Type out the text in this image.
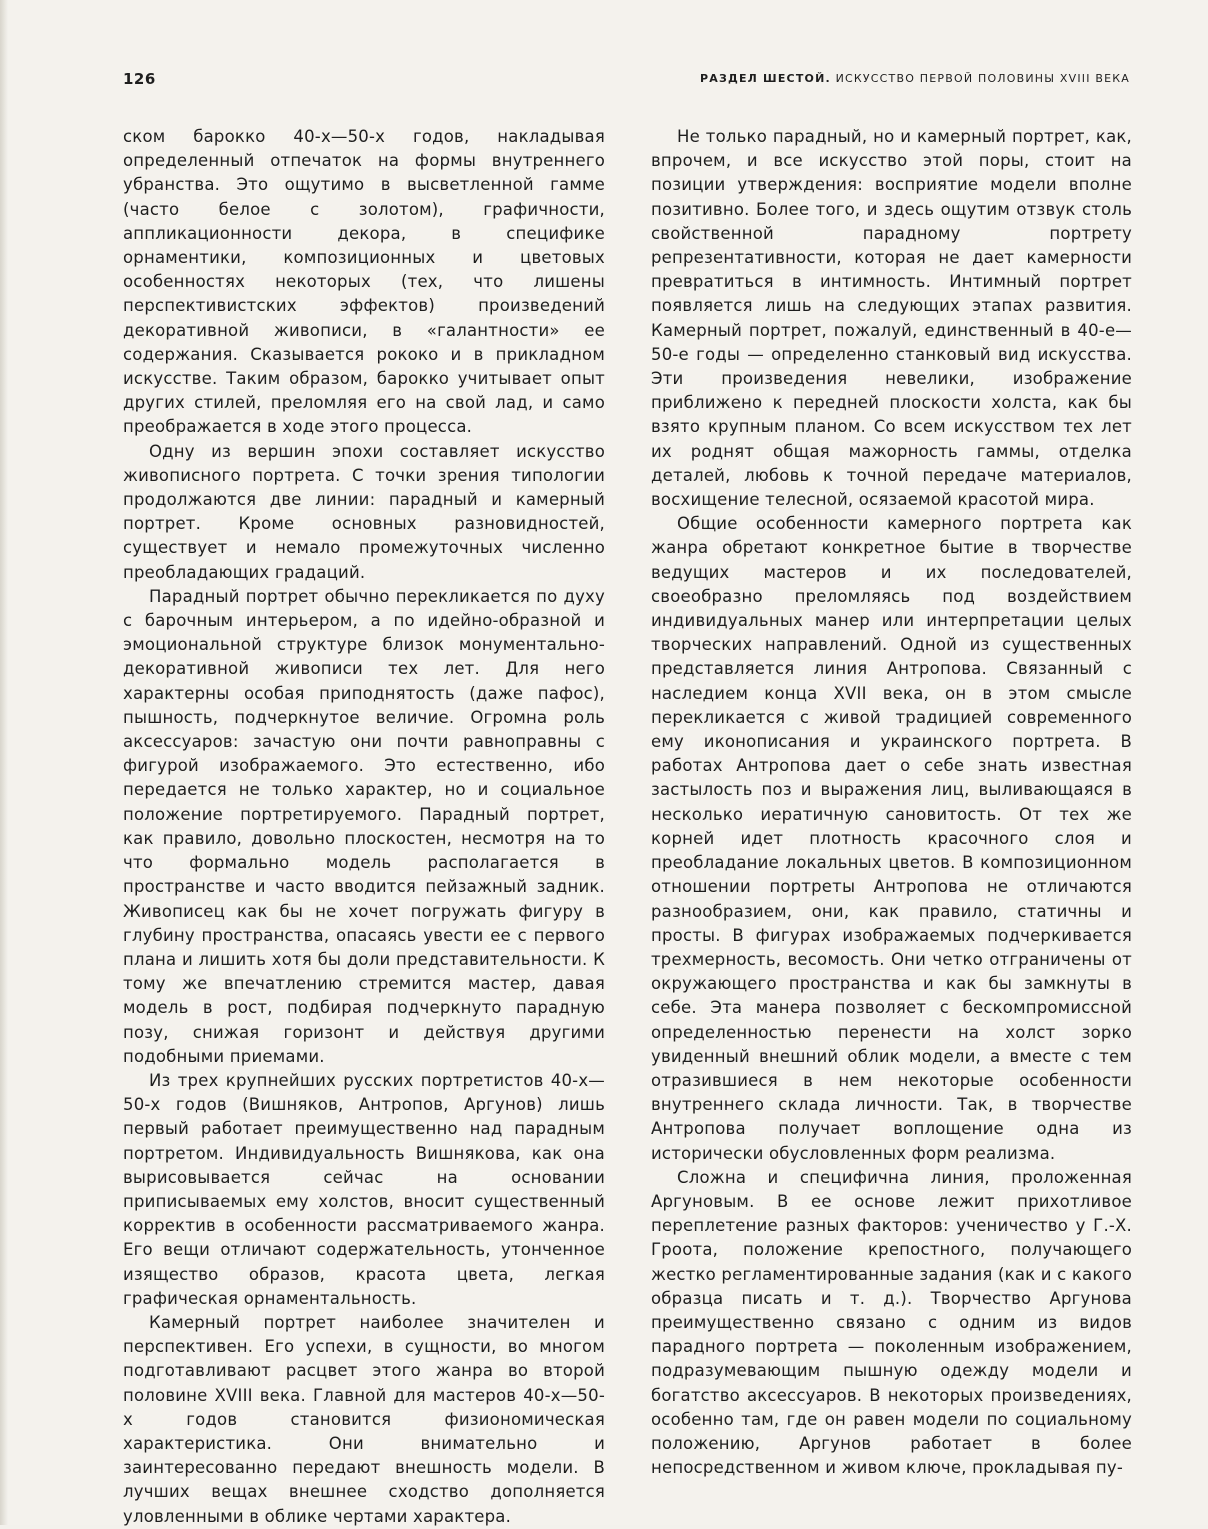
126	РАЗДЕЛ ШЕСТОЙ. ИСКУССТВО ПЕРВОЙ ПОЛОВИНЫ XVIII ВЕКА

ском барокко 40-х—50-х годов, накладывая определенный отпечаток на формы внутреннего убранства. Это ощутимо в высветленной гамме (часто белое с золотом), графичности, аппликационности декора, в специфике орнаментики, композиционных и цветовых особенностях некоторых (тех, что лишены перспективистских эффектов) произведений декоративной живописи, в «галантности» ее содержания. Сказывается рококо и в прикладном искусстве. Таким образом, барокко учитывает опыт других стилей, преломляя его на свой лад, и само преображается в ходе этого процесса.

Одну из вершин эпохи составляет искусство живописного портрета. С точки зрения типологии продолжаются две линии: парадный и камерный портрет. Кроме основных разновидностей, существует и немало промежуточных численно преобладающих градаций.

Парадный портрет обычно перекликается по духу с барочным интерьером, а по идейно-образной и эмоциональной структуре близок монументально-декоративной живописи тех лет. Для него характерны особая приподнятость (даже пафос), пышность, подчеркнутое величие. Огромна роль аксессуаров: зачастую они почти равноправны с фигурой изображаемого. Это естественно, ибо передается не только характер, но и социальное положение портретируемого. Парадный портрет, как правило, довольно плоскостен, несмотря на то что формально модель располагается в пространстве и часто вводится пейзажный задник. Живописец как бы не хочет погружать фигуру в глубину пространства, опасаясь увести ее с первого плана и лишить хотя бы доли представительности. К тому же впечатлению стремится мастер, давая модель в рост, подбирая подчеркнуто парадную позу, снижая горизонт и действуя другими подобными приемами.

Из трех крупнейших русских портретистов 40-х—50-х годов (Вишняков, Антропов, Аргунов) лишь первый работает преимущественно над парадным портретом. Индивидуальность Вишнякова, как она вырисовывается сейчас на основании приписываемых ему холстов, вносит существенный корректив в особенности рассматриваемого жанра. Его вещи отличают содержательность, утонченное изящество образов, красота цвета, легкая графическая орнаментальность.

Камерный портрет наиболее значителен и перспективен. Его успехи, в сущности, во многом подготавливают расцвет этого жанра во второй половине XVIII века. Главной для мастеров 40-х—50-х годов становится физиономическая характеристика. Они внимательно и заинтересованно передают внешность модели. В лучших вещах внешнее сходство дополняется уловленными в облике чертами характера.

Не только парадный, но и камерный портрет, как, впрочем, и все искусство этой поры, стоит на позиции утверждения: восприятие модели вполне позитивно. Более того, и здесь ощутим отзвук столь свойственной парадному портрету репрезентативности, которая не дает камерности превратиться в интимность. Интимный портрет появляется лишь на следующих этапах развития. Камерный портрет, пожалуй, единственный в 40-е—50-е годы — определенно станковый вид искусства. Эти произведения невелики, изображение приближено к передней плоскости холста, как бы взято крупным планом. Со всем искусством тех лет их роднят общая мажорность гаммы, отделка деталей, любовь к точной передаче материалов, восхищение телесной, осязаемой красотой мира.

Общие особенности камерного портрета как жанра обретают конкретное бытие в творчестве ведущих мастеров и их последователей, своеобразно преломляясь под воздействием индивидуальных манер или интерпретации целых творческих направлений. Одной из существенных представляется линия Антропова. Связанный с наследием конца XVII века, он в этом смысле перекликается с живой традицией современного ему иконописания и украинского портрета. В работах Антропова дает о себе знать известная застылость поз и выражения лиц, выливающаяся в несколько иератичную сановитость. От тех же корней идет плотность красочного слоя и преобладание локальных цветов. В композиционном отношении портреты Антропова не отличаются разнообразием, они, как правило, статичны и просты. В фигурах изображаемых подчеркивается трехмерность, весомость. Они четко отграничены от окружающего пространства и как бы замкнуты в себе. Эта манера позволяет с бескомпромиссной определенностью перенести на холст зорко увиденный внешний облик модели, а вместе с тем отразившиеся в нем некоторые особенности внутреннего склада личности. Так, в творчестве Антропова получает воплощение одна из исторически обусловленных форм реализма.

Сложна и специфична линия, проложенная Аргуновым. В ее основе лежит прихотливое переплетение разных факторов: ученичество у Г.-Х. Гроота, положение крепостного, получающего жестко регламентированные задания (как и с какого образца писать и т. д.). Творчество Аргунова преимущественно связано с одним из видов парадного портрета — поколенным изображением, подразумевающим пышную одежду модели и богатство аксессуаров. В некоторых произведениях, особенно там, где он равен модели по социальному положению, Аргунов работает в более непосредственном и живом ключе, прокладывая пу-
